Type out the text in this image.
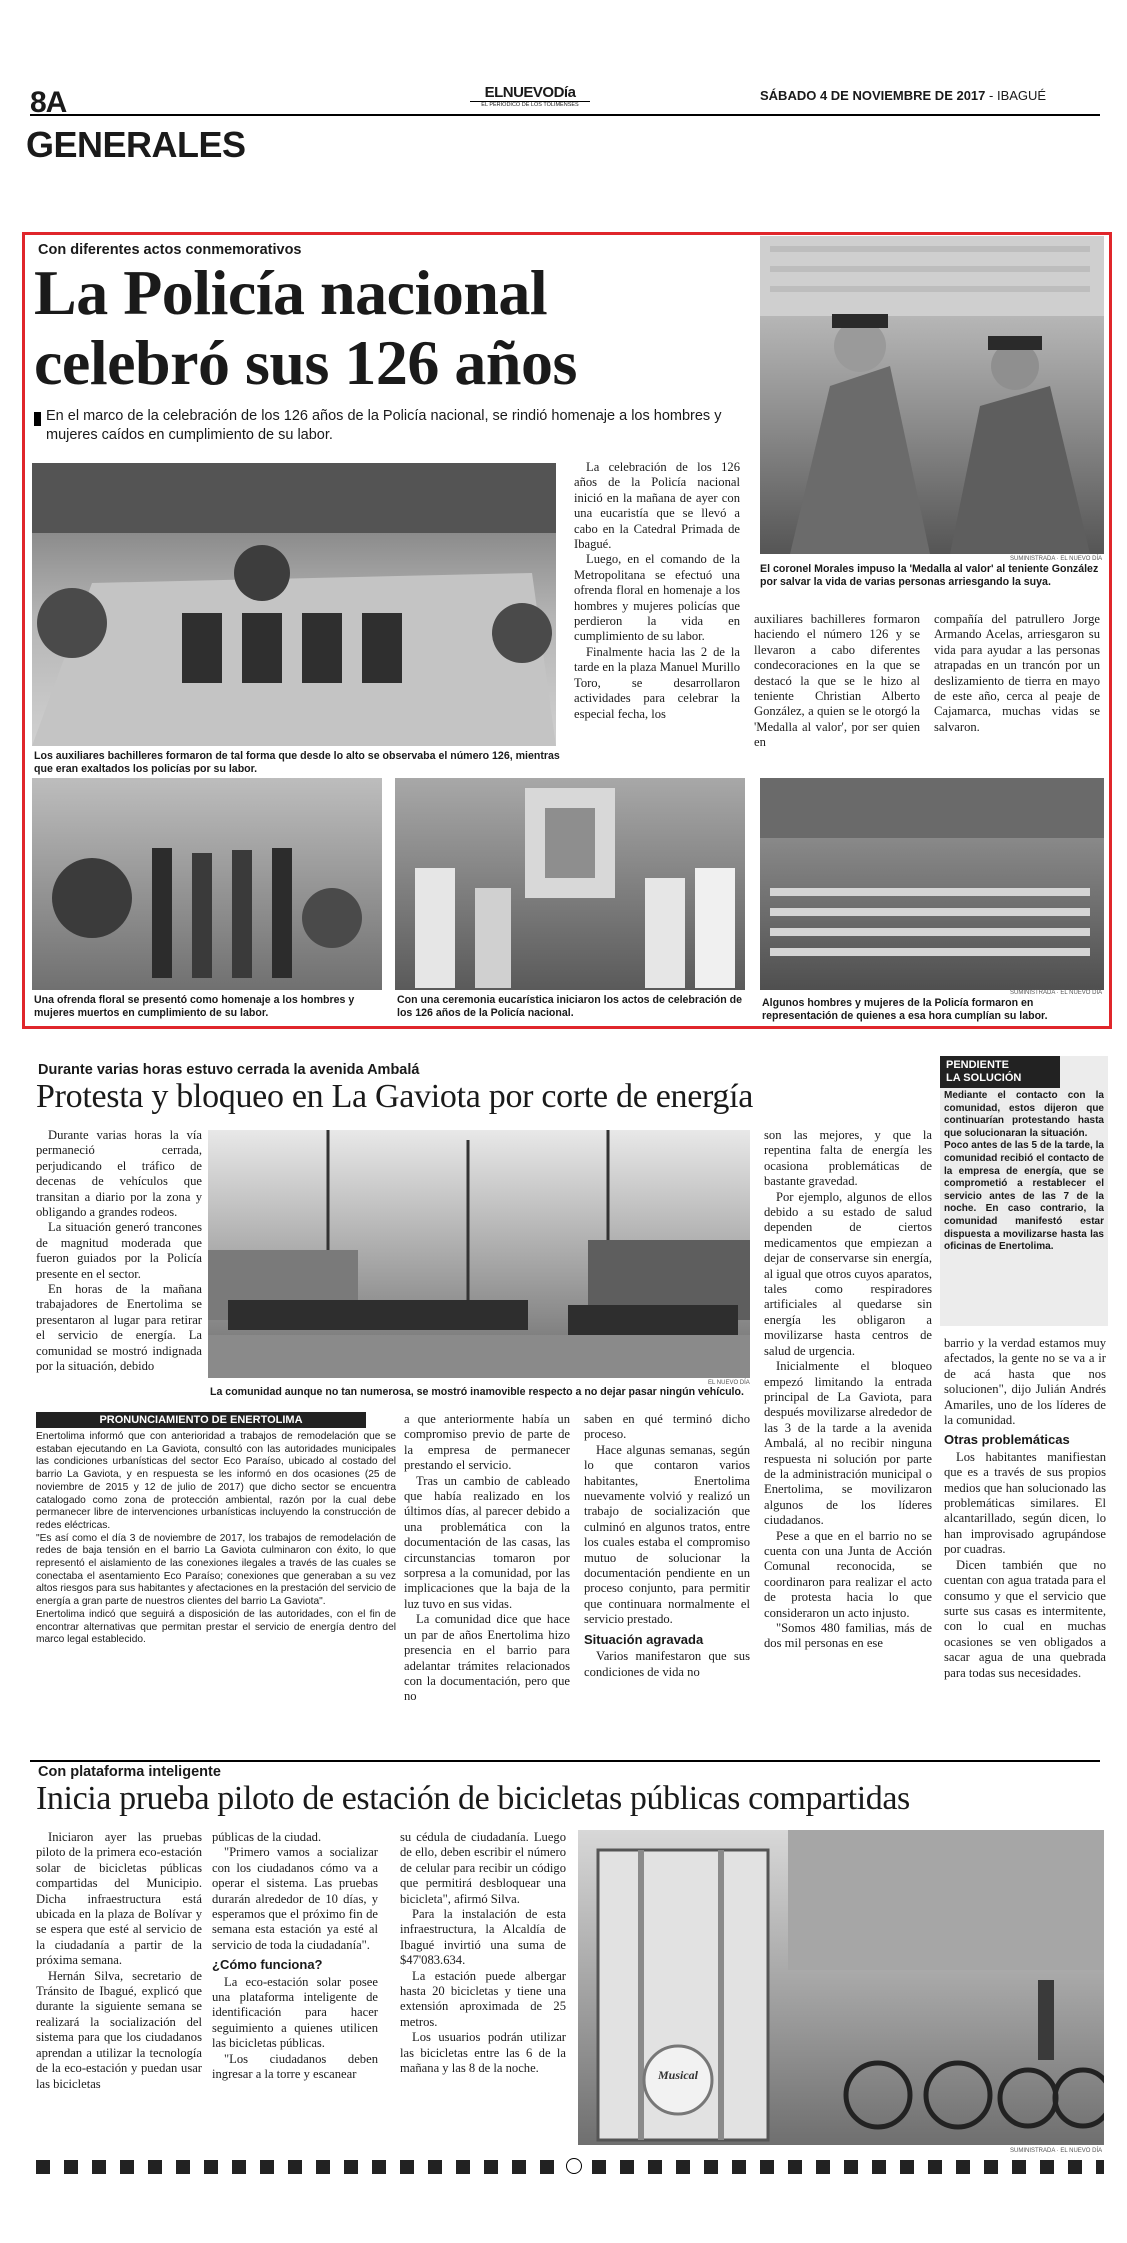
8A	ELNUEVODía
EL PERIÓDICO DE LOS TOLIMENSES
SÁBADO 4 DE NOVIEMBRE DE 2017 - IBAGUÉ
GENERALES
Con diferentes actos conmemorativos
La Policía nacional
celebró sus 126 años
En el marco de la celebración de los 126 años de la Policía nacional, se rindió homenaje a los hombres y mujeres caídos en cumplimiento de su labor.
Los auxiliares bachilleres formaron de tal forma que desde lo alto se observaba el número 126, mientras que eran exaltados los policías por su labor.

La celebración de los 126 años de la Policía nacional inició en la mañana de ayer con una eucaristía que se llevó a cabo en la Catedral Primada de Ibagué.

Luego, en el comando de la Metropolitana se efectuó una ofrenda floral en homenaje a los hombres y mujeres policías que perdieron la vida en cumplimiento de su labor.

Finalmente hacia las 2 de la tarde en la plaza Manuel Murillo Toro, se desarrollaron actividades para celebrar la especial fecha, los

auxiliares bachilleres formaron haciendo el número 126 y se llevaron a cabo diferentes condecoraciones en la que se destacó la que se le hizo al teniente Christian Alberto González, a quien se le otorgó la 'Medalla al valor', por ser quien en

compañía del patrullero Jorge Armando Acelas, arriesgaron su vida para ayudar a las personas atrapadas en un trancón por un deslizamiento de tierra en mayo de este año, cerca al peaje de Cajamarca, muchas vidas se salvaron.

SUMINISTRADA · EL NUEVO DÍA
El coronel Morales impuso la 'Medalla al valor' al teniente González por salvar la vida de varias personas arriesgando la suya.
Una ofrenda floral se presentó como homenaje a los hombres y mujeres muertos en cumplimiento de su labor.
Con una ceremonia eucarística iniciaron los actos de celebración de los 126 años de la Policía nacional.
SUMINISTRADA · EL NUEVO DÍA
Algunos hombres y mujeres de la Policía formaron en representación de quienes a esa hora cumplían su labor.
Durante varias horas estuvo cerrada la avenida Ambalá
Protesta y bloqueo en La Gaviota por corte de energía

Durante varias horas la vía permaneció cerrada, perjudicando el tráfico de decenas de vehículos que transitan a diario por la zona y obligando a grandes rodeos.

La situación generó trancones de magnitud moderada que fueron guiados por la Policía presente en el sector.

En horas de la mañana trabajadores de Enertolima se presentaron al lugar para retirar el servicio de energía. La comunidad se mostró indignada por la situación, debido

EL NUEVO DÍA
La comunidad aunque no tan numerosa, se mostró inamovible respecto a no dejar pasar ningún vehículo.
PRONUNCIAMIENTO DE ENERTOLIMA

Enertolima informó que con anterioridad a trabajos de remodelación que se estaban ejecutando en La Gaviota, consultó con las autoridades municipales las condiciones urbanísticas del sector Eco Paraíso, ubicado al costado del barrio La Gaviota, y en respuesta se les informó en dos ocasiones (25 de noviembre de 2015 y 12 de julio de 2017) que dicho sector se encuentra catalogado como zona de protección ambiental, razón por la cual debe permanecer libre de intervenciones urbanísticas incluyendo la construcción de redes eléctricas.

"Es así como el día 3 de noviembre de 2017, los trabajos de remodelación de redes de baja tensión en el barrio La Gaviota culminaron con éxito, lo que representó el aislamiento de las conexiones ilegales a través de las cuales se conectaba el asentamiento Eco Paraíso; conexiones que generaban a su vez altos riesgos para sus habitantes y afectaciones en la prestación del servicio de energía a gran parte de nuestros clientes del barrio La Gaviota".

Enertolima indicó que seguirá a disposición de las autoridades, con el fin de encontrar alternativas que permitan prestar el servicio de energía dentro del marco legal establecido.

a que anteriormente había un compromiso previo de parte de la empresa de permanecer prestando el servicio.

Tras un cambio de cableado que había realizado en los últimos días, al parecer debido a una problemática con la documentación de las casas, las circunstancias tomaron por sorpresa a la comunidad, por las implicaciones que la baja de la luz tuvo en sus vidas.

La comunidad dice que hace un par de años Enertolima hizo presencia en el barrio para adelantar trámites relacionados con la documentación, pero que no

saben en qué terminó dicho proceso.

Hace algunas semanas, según lo que contaron varios habitantes, Enertolima nuevamente volvió y realizó un trabajo de socialización que culminó en algunos tratos, entre los cuales estaba el compromiso mutuo de solucionar la documentación pendiente en un proceso conjunto, para permitir que continuara normalmente el servicio prestado.

Situación agravada

Varios manifestaron que sus condiciones de vida no

son las mejores, y que la repentina falta de energía les ocasiona problemáticas de bastante gravedad.

Por ejemplo, algunos de ellos debido a su estado de salud dependen de ciertos medicamentos que empiezan a dejar de conservarse sin energía, al igual que otros cuyos aparatos, tales como respiradores artificiales al quedarse sin energía les obligaron a movilizarse hasta centros de salud de urgencia.

Inicialmente el bloqueo empezó limitando la entrada principal de La Gaviota, para después movilizarse alrededor de las 3 de la tarde a la avenida Ambalá, al no recibir ninguna respuesta ni solución por parte de la administración municipal o Enertolima, se movilizaron algunos de los líderes ciudadanos.

Pese a que en el barrio no se cuenta con una Junta de Acción Comunal reconocida, se coordinaron para realizar el acto de protesta hacia lo que consideraron un acto injusto.

"Somos 480 familias, más de dos mil personas en ese

PENDIENTE
LA SOLUCIÓN

Mediante el contacto con la comunidad, estos dijeron que continuarían protestando hasta que solucionaran la situación.

Poco antes de las 5 de la tarde, la comunidad recibió el contacto de la empresa de energía, que se comprometió a restablecer el servicio antes de las 7 de la noche. En caso contrario, la comunidad manifestó estar dispuesta a movilizarse hasta las oficinas de Enertolima.

barrio y la verdad estamos muy afectados, la gente no se va a ir de acá hasta que nos solucionen", dijo Julián Andrés Amariles, uno de los líderes de la comunidad.

Otras problemáticas

Los habitantes manifiestan que es a través de sus propios medios que han solucionado las problemáticas similares. El alcantarillado, según dicen, lo han improvisado agrupándose por cuadras.

Dicen también que no cuentan con agua tratada para el consumo y que el servicio que surte sus casas es intermitente, con lo cual en muchas ocasiones se ven obligados a sacar agua de una quebrada para todas sus necesidades.

Con plataforma inteligente
Inicia prueba piloto de estación de bicicletas públicas compartidas

Iniciaron ayer las pruebas piloto de la primera eco-estación solar de bicicletas públicas compartidas del Municipio. Dicha infraestructura está ubicada en la plaza de Bolívar y se espera que esté al servicio de la ciudadanía a partir de la próxima semana.

Hernán Silva, secretario de Tránsito de Ibagué, explicó que durante la siguiente semana se realizará la socialización del sistema para que los ciudadanos aprendan a utilizar la tecnología de la eco-estación y puedan usar las bicicletas

públicas de la ciudad.

"Primero vamos a socializar con los ciudadanos cómo va a operar el sistema. Las pruebas durarán alrededor de 10 días, y esperamos que el próximo fin de semana esta estación ya esté al servicio de toda la ciudadanía".

¿Cómo funciona?

La eco-estación solar posee una plataforma inteligente de identificación para hacer seguimiento a quienes utilicen las bicicletas públicas.

"Los ciudadanos deben ingresar a la torre y escanear

su cédula de ciudadanía. Luego de ello, deben escribir el número de celular para recibir un código que permitirá desbloquear una bicicleta", afirmó Silva.

Para la instalación de esta infraestructura, la Alcaldía de Ibagué invirtió una suma de $47'083.634.

La estación puede albergar hasta 20 bicicletas y tiene una extensión aproximada de 25 metros.

Los usuarios podrán utilizar las bicicletas entre las 6 de la mañana y las 8 de la noche.	Musical
SUMINISTRADA · EL NUEVO DÍA
